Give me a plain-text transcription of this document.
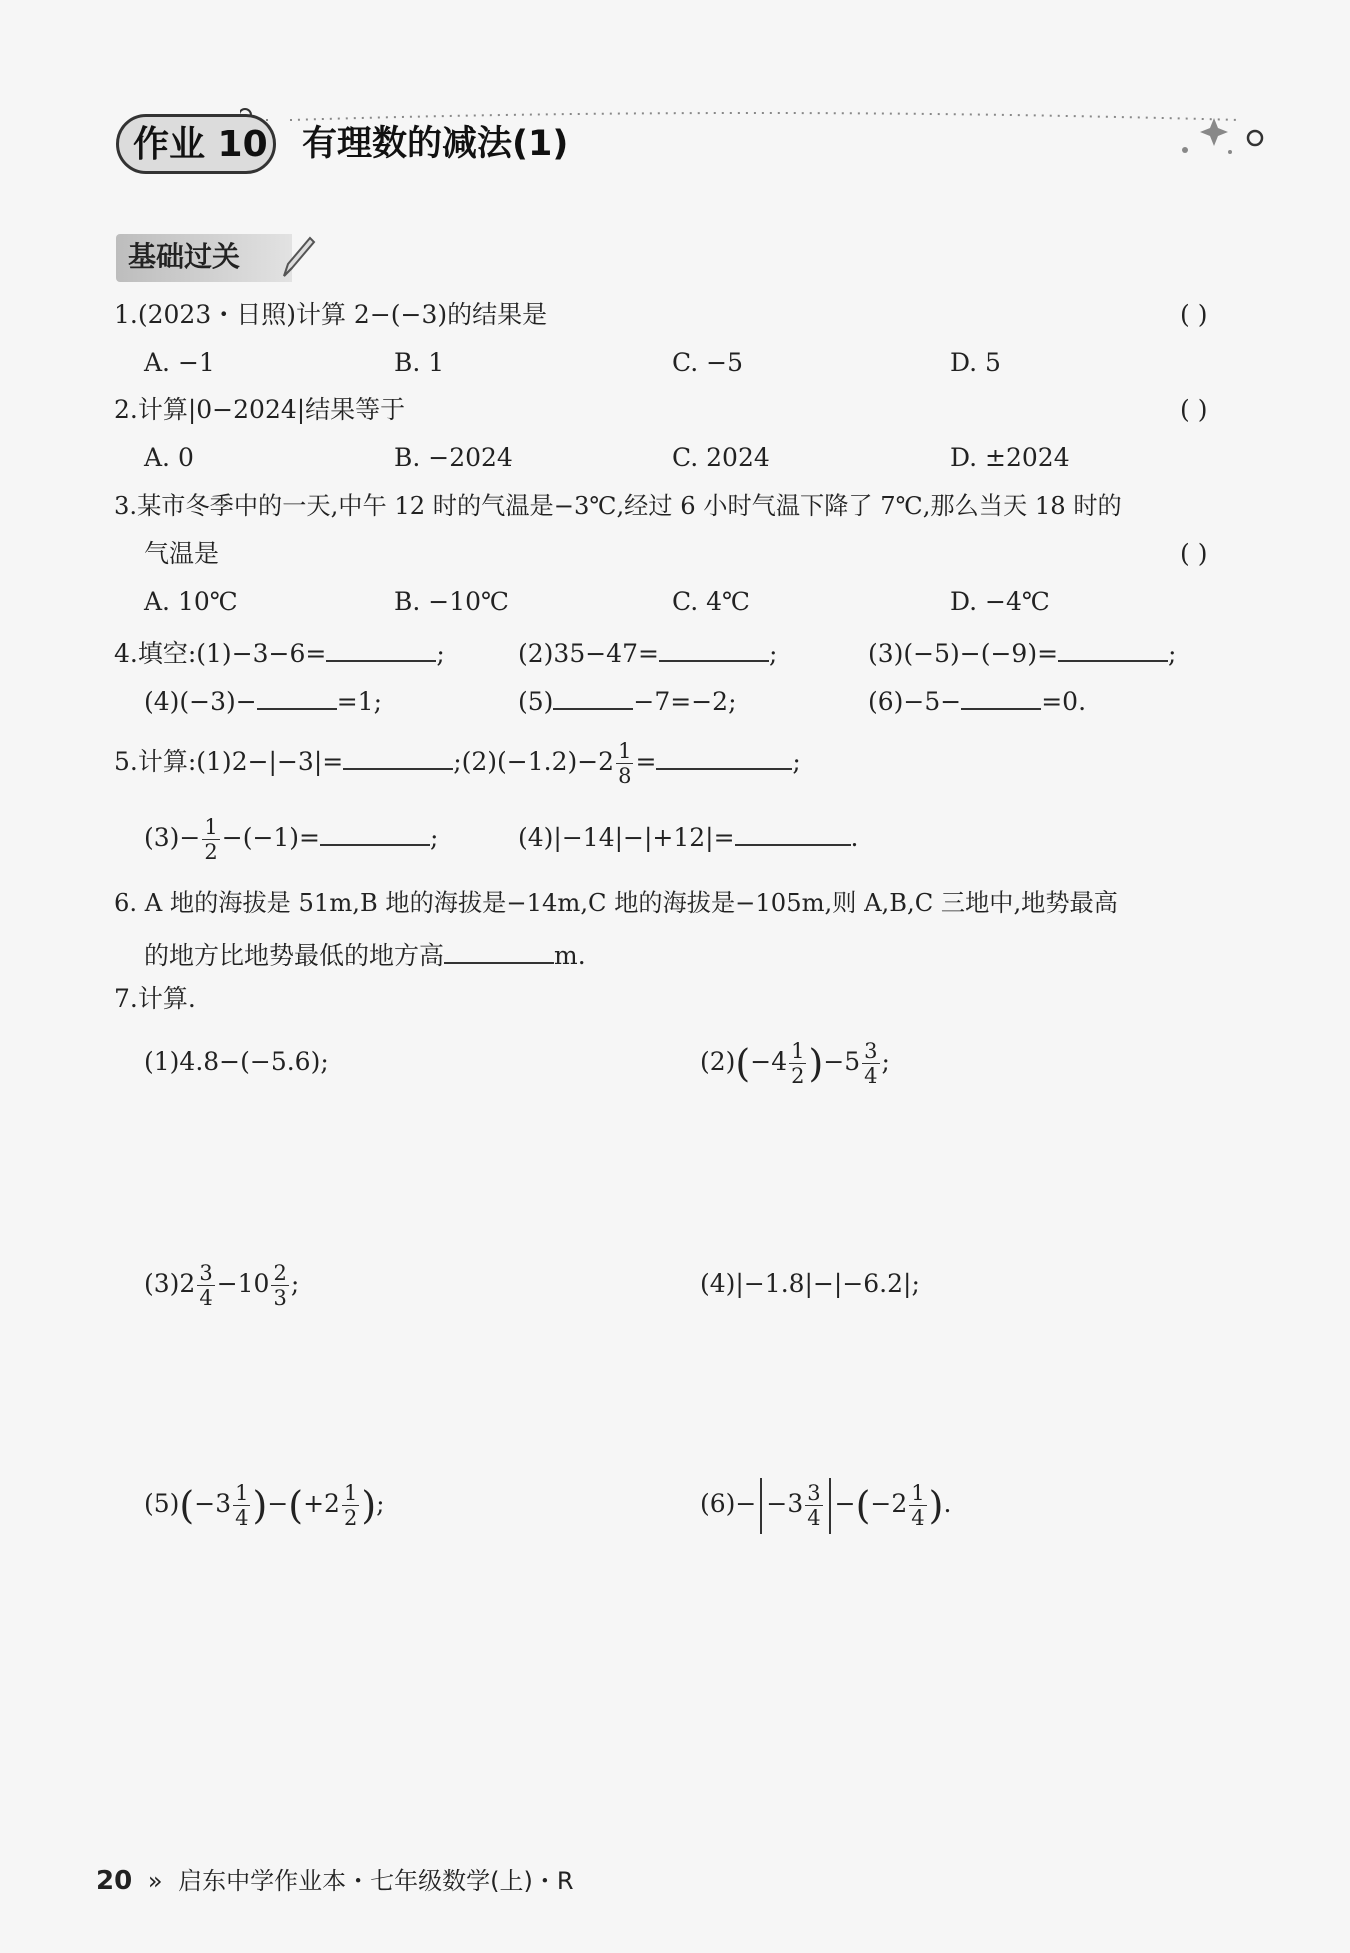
作业 10 有理数的减法(1)
基础过关
1.(2023・日照)计算 2−(−3)的结果是	( )
A. −1	B. 1	C. −5	D. 5
2.计算|0−2024|结果等于	( )
A. 0	B. −2024	C. 2024	D. ±2024
3.某市冬季中的一天,中午 12 时的气温是−3℃,经过 6 小时气温下降了 7℃,那么当天 18 时的
气温是	( )
A. 10℃	B. −10℃	C. 4℃	D. −4℃
4.填空:(1)−3−6=	;	(2)35−47=	;	(3)(−5)−(−9)=	;
(4)(−3)−	=1;	(5)	−7=−2;	(6)−5−	=0.
5.计算:(1)2−|−3|=	;(2)(−1.2)−2 $\frac{1}{8}$ =	;
$(3)- \frac{1}{2} -(-1)=$	;	(4)|−14|−|+12|=	.
6. A 地的海拔是 51m,B 地的海拔是−14m,C 地的海拔是−105m,则 A,B,C 三地中,地势最高
的地方比地势最低的地方高	m.
7.计算.
(1)4.8−(−5.6);	$(2)(-4 \frac{1}{2} )-5 \frac{3}{4}$ ;
$(3)2 \frac{3}{4} -10 \frac{2}{3}$ ;	(4)|−1.8|−|−6.2|;
$(5)(-3 \frac{1}{4} )-(+2 \frac{1}{2}$ );	$(6)- -3 \frac{3}{4} -(-2 \frac{1}{4}$ ).
20 » 启东中学作业本・七年级数学(上)・R
